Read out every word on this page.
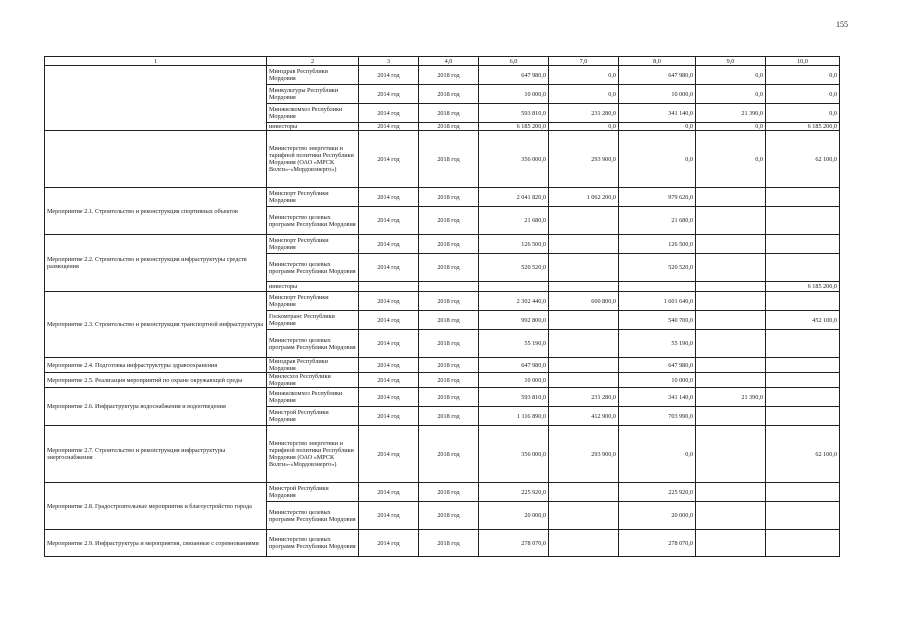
155
1	2	3	4,0	6,0	7,0	8,0	9,0	10,0
	Минздрав Республики Мордовия	2014 год	2018 год	647 980,0	0,0	647 980,0	0,0	0,0
	Минкультуры Республики Мордовия	2014 год	2018 год	10 000,0	0,0	10 000,0	0,0	0,0
	Минжилкомхоз Республики Мордовия	2014 год	2018 год	593 810,0	231 280,0	341 140,0	21 390,0	0,0
	инвесторы	2014 год	2018 год	6 185 200,0	0,0	0,0	0,0	6 185 200,0
	Министерство энергетики и тарифной политики Республики Мордовия (ОАО «МРСК Волги»-«Мордовэнерго»)	2014 год	2018 год	356 000,0	293 900,0	0,0	0,0	62 100,0
Мероприятие 2.1. Строительство и реконструкция спортивных объектов	Минспорт Республики Мордовия	2014 год	2018 год	2 041 820,0	1 062 200,0	979 620,0		
	Министерство целевых программ Республики Мордовия	2014 год	2018 год	21 680,0		21 680,0		
Мероприятие 2.2. Строительство и реконструкция инфраструктуры средств размещения	Минспорт Республики Мордовия	2014 год	2018 год	126 500,0		126 500,0		
	Министерство целевых программ Республики Мордовия	2014 год	2018 год	520 520,0		520 520,0		
	инвесторы							6 185 200,0
Мероприятие 2.3. Строительство и реконструкция транспортной инфраструктуры	Минспорт Республики Мордовия	2014 год	2018 год	2 302 440,0	600 800,0	1 601 640,0		
	Госкомтранс Республики Мордовия	2014 год	2018 год	992 800,0		540 700,0		452 100,0
	Министерство целевых программ Республики Мордовия	2014 год	2018 год	55 190,0		55 190,0		
Мероприятие 2.4. Подготовка инфраструктуры здравоохранения	Минздрав Республики Мордовия	2014 год	2018 год	647 980,0		647 980,0		
Мероприятие 2.5. Реализация мероприятий по охране окружающей среды	Минлесхоз Республики Мордовия	2014 год	2018 год	10 000,0		10 000,0		
Мероприятие 2.6. Инфраструктура водоснабжения и водоотведения	Минжилкомхоз Республики Мордовия	2014 год	2018 год	593 810,0	231 280,0	341 140,0	21 390,0	
	Минстрой Республики Мордовия	2014 год	2018 год	1 116 890,0	412 900,0	703 990,0		
Мероприятие 2.7. Строительство и реконструкция инфраструктуры энергоснабжения	Министерство энергетики и тарифной политики Республики Мордовия (ОАО «МРСК Волги»-«Мордовэнерго»)	2014 год	2018 год	356 000,0	293 900,0	0,0		62 100,0
Мероприятие 2.8. Градостроительные мероприятия и благоустройство города	Минстрой Республики Мордовия	2014 год	2018 год	225 920,0		225 920,0		
	Министерство целевых программ Республики Мордовия	2014 год	2018 год	20 000,0		20 000,0		
Мероприятие 2.9. Инфраструктура и мероприятия, связанные с соревнованиями	Министерство целевых программ Республики Мордовия	2014 год	2018 год	278 070,0		278 070,0		
